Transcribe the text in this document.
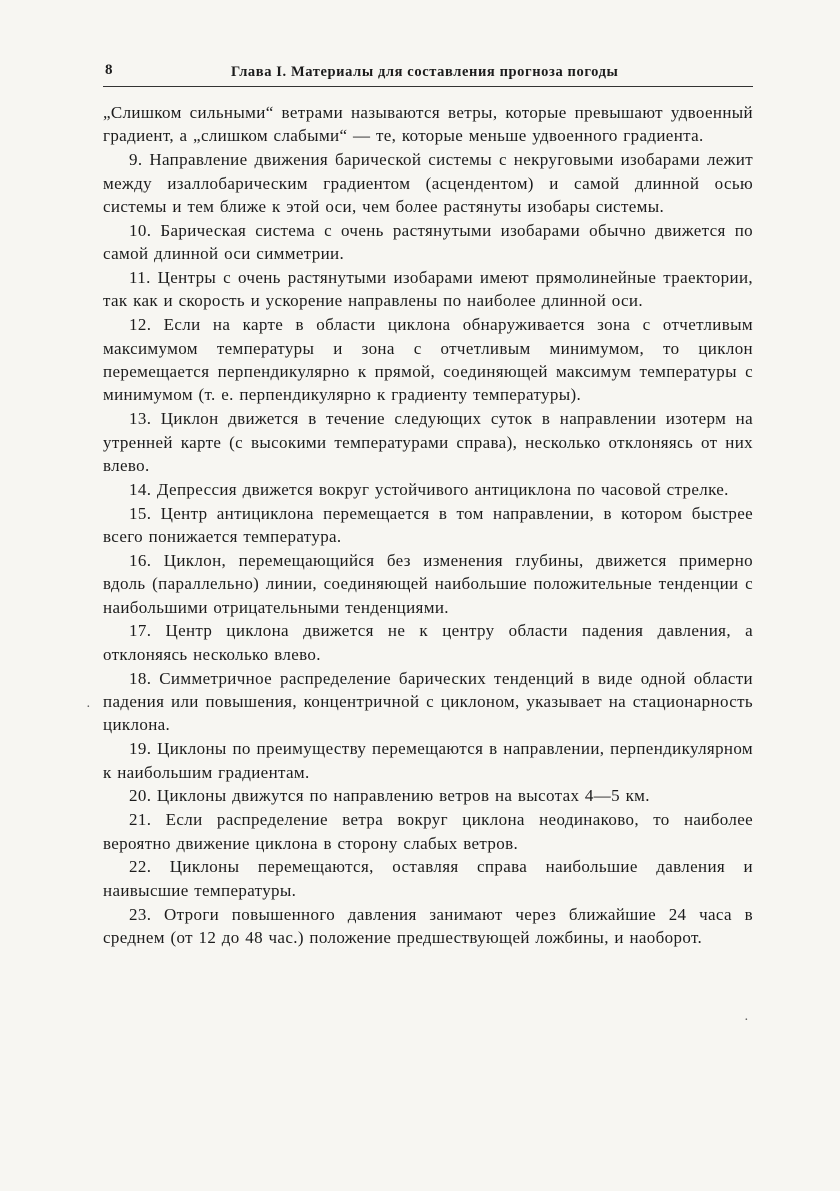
8	Глава I. Материалы для составления прогноза погоды
·
·

„Слишком сильными“ ветрами называются ветры, которые превышают удвоенный градиент, а „слишком слабыми“ — те, которые меньше удвоенного градиента.

9. Направление движения барической системы с некруговыми изобарами лежит между изаллобарическим градиентом (асцендентом) и самой длинной осью системы и тем ближе к этой оси, чем более растянуты изобары системы.

10. Барическая система с очень растянутыми изобарами обычно движется по самой длинной оси симметрии.

11. Центры с очень растянутыми изобарами имеют прямолинейные траектории, так как и скорость и ускорение направлены по наиболее длинной оси.

12. Если на карте в области циклона обнаруживается зона с отчетливым максимумом температуры и зона с отчетливым минимумом, то циклон перемещается перпендикулярно к прямой, соединяющей максимум температуры с минимумом (т. е. перпендикулярно к градиенту температуры).

13. Циклон движется в течение следующих суток в направлении изотерм на утренней карте (с высокими температурами справа), несколько отклоняясь от них влево.

14. Депрессия движется вокруг устойчивого антициклона по часовой стрелке.

15. Центр антициклона перемещается в том направлении, в котором быстрее всего понижается температура.

16. Циклон, перемещающийся без изменения глубины, движется примерно вдоль (параллельно) линии, соединяющей наибольшие положительные тенденции с наибольшими отрицательными тенденциями.

17. Центр циклона движется не к центру области падения давления, а отклоняясь несколько влево.

18. Симметричное распределение барических тенденций в виде одной области падения или повышения, концентричной с циклоном, указывает на стационарность циклона.

19. Циклоны по преимуществу перемещаются в направлении, перпендикулярном к наибольшим градиентам.

20. Циклоны движутся по направлению ветров на высотах 4—5 км.

21. Если распределение ветра вокруг циклона неодинаково, то наиболее вероятно движение циклона в сторону слабых ветров.

22. Циклоны перемещаются, оставляя справа наибольшие давления и наивысшие температуры.

23. Отроги повышенного давления занимают через ближайшие 24 часа в среднем (от 12 до 48 час.) положение предшествующей ложбины, и наоборот.
